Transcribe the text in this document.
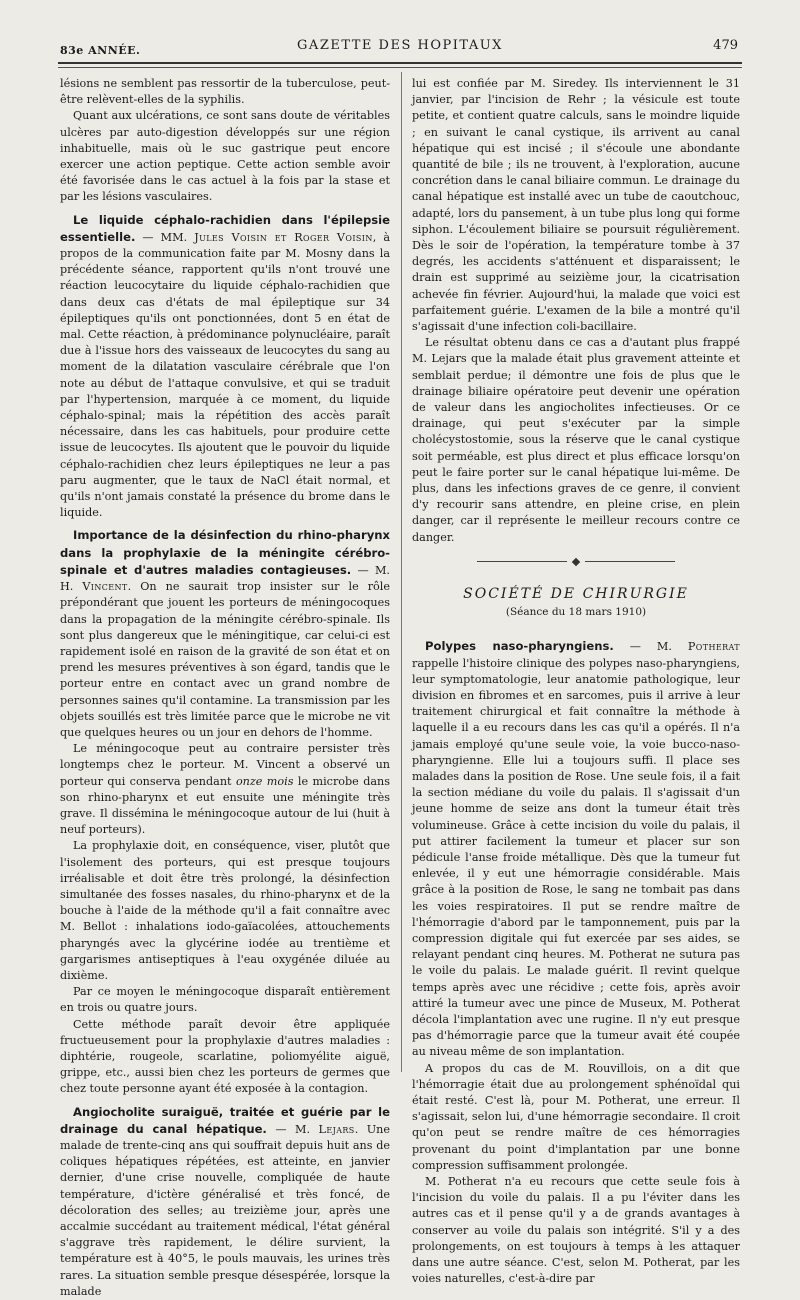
83e ANNÉE.	GAZETTE DES HOPITAUX	479

lésions ne semblent pas ressortir de la tuberculose, peut-être relèvent-elles de la syphilis.

Quant aux ulcérations, ce sont sans doute de véritables ulcères par auto-digestion développés sur une région inhabituelle, mais où le suc gastrique peut encore exercer une action peptique. Cette action semble avoir été favorisée dans le cas actuel à la fois par la stase et par les lésions vasculaires.

Le liquide céphalo-rachidien dans l'épilepsie essentielle. — MM. Jules Voisin et Roger Voisin, à propos de la communication faite par M. Mosny dans la précédente séance, rapportent qu'ils n'ont trouvé une réaction leucocytaire du liquide céphalo-rachidien que dans deux cas d'états de mal épileptique sur 34 épileptiques qu'ils ont ponctionnées, dont 5 en état de mal. Cette réaction, à prédominance polynucléaire, paraît due à l'issue hors des vaisseaux de leucocytes du sang au moment de la dilatation vasculaire cérébrale que l'on note au début de l'attaque convulsive, et qui se traduit par l'hypertension, marquée à ce moment, du liquide céphalo-spinal; mais la répétition des accès paraît nécessaire, dans les cas habituels, pour produire cette issue de leucocytes. Ils ajoutent que le pouvoir du liquide céphalo-rachidien chez leurs épileptiques ne leur a pas paru augmenter, que le taux de NaCl était normal, et qu'ils n'ont jamais constaté la présence du brome dans le liquide.

Importance de la désinfection du rhino-pharynx dans la prophylaxie de la méningite cérébro-spinale et d'autres maladies contagieuses. — M. H. Vincent. On ne saurait trop insister sur le rôle prépondérant que jouent les porteurs de méningocoques dans la propagation de la méningite cérébro-spinale. Ils sont plus dangereux que le méningitique, car celui-ci est rapidement isolé en raison de la gravité de son état et on prend les mesures préventives à son égard, tandis que le porteur entre en contact avec un grand nombre de personnes saines qu'il contamine. La transmission par les objets souillés est très limitée parce que le microbe ne vit que quelques heures ou un jour en dehors de l'homme.

Le méningocoque peut au contraire persister très longtemps chez le porteur. M. Vincent a observé un porteur qui conserva pendant onze mois le microbe dans son rhino-pharynx et eut ensuite une méningite très grave. Il dissémina le méningocoque autour de lui (huit à neuf porteurs).

La prophylaxie doit, en conséquence, viser, plutôt que l'isolement des porteurs, qui est presque toujours irréalisable et doit être très prolongé, la désinfection simultanée des fosses nasales, du rhino-pharynx et de la bouche à l'aide de la méthode qu'il a fait connaître avec M. Bellot : inhalations iodo-gaïacolées, attouchements pharyngés avec la glycérine iodée au trentième et gargarismes antiseptiques à l'eau oxygénée diluée au dixième.

Par ce moyen le méningocoque disparaît entièrement en trois ou quatre jours.

Cette méthode paraît devoir être appliquée fructueusement pour la prophylaxie d'autres maladies : diphtérie, rougeole, scarlatine, poliomyélite aiguë, grippe, etc., aussi bien chez les porteurs de germes que chez toute personne ayant été exposée à la contagion.

Angiocholite suraiguë, traitée et guérie par le drainage du canal hépatique. — M. Lejars. Une malade de trente-cinq ans qui souffrait depuis huit ans de coliques hépatiques répétées, est atteinte, en janvier dernier, d'une crise nouvelle, compliquée de haute température, d'ictère généralisé et très foncé, de décoloration des selles; au treizième jour, après une accalmie succédant au traitement médical, l'état général s'aggrave très rapidement, le délire survient, la température est à 40°5, le pouls mauvais, les urines très rares. La situation semble presque désespérée, lorsque la malade

lui est confiée par M. Siredey. Ils interviennent le 31 janvier, par l'incision de Rehr ; la vésicule est toute petite, et contient quatre calculs, sans le moindre liquide ; en suivant le canal cystique, ils arrivent au canal hépatique qui est incisé ; il s'écoule une abondante quantité de bile ; ils ne trouvent, à l'exploration, aucune concrétion dans le canal biliaire commun. Le drainage du canal hépatique est installé avec un tube de caoutchouc, adapté, lors du pansement, à un tube plus long qui forme siphon. L'écoulement biliaire se poursuit régulièrement. Dès le soir de l'opération, la température tombe à 37 degrés, les accidents s'atténuent et disparaissent; le drain est supprimé au seizième jour, la cicatrisation achevée fin février. Aujourd'hui, la malade que voici est parfaitement guérie. L'examen de la bile a montré qu'il s'agissait d'une infection coli-bacillaire.

Le résultat obtenu dans ce cas a d'autant plus frappé M. Lejars que la malade était plus gravement atteinte et semblait perdue; il démontre une fois de plus que le drainage biliaire opératoire peut devenir une opération de valeur dans les angiocholites infectieuses. Or ce drainage, qui peut s'exécuter par la simple cholécystostomie, sous la réserve que le canal cystique soit perméable, est plus direct et plus efficace lorsqu'on peut le faire porter sur le canal hépatique lui-même. De plus, dans les infections graves de ce genre, il convient d'y recourir sans attendre, en pleine crise, en plein danger, car il représente le meilleur recours contre ce danger.

SOCIÉTÉ DE CHIRURGIE
(Séance du 18 mars 1910)

Polypes naso-pharyngiens. — M. Potherat rappelle l'histoire clinique des polypes naso-pharyngiens, leur symptomatologie, leur anatomie pathologique, leur division en fibromes et en sarcomes, puis il arrive à leur traitement chirurgical et fait connaître la méthode à laquelle il a eu recours dans les cas qu'il a opérés. Il n'a jamais employé qu'une seule voie, la voie bucco-naso-pharyngienne. Elle lui a toujours suffi. Il place ses malades dans la position de Rose. Une seule fois, il a fait la section médiane du voile du palais. Il s'agissait d'un jeune homme de seize ans dont la tumeur était très volumineuse. Grâce à cette incision du voile du palais, il put attirer facilement la tumeur et placer sur son pédicule l'anse froide métallique. Dès que la tumeur fut enlevée, il y eut une hémorragie considérable. Mais grâce à la position de Rose, le sang ne tombait pas dans les voies respiratoires. Il put se rendre maître de l'hémorragie d'abord par le tamponnement, puis par la compression digitale qui fut exercée par ses aides, se relayant pendant cinq heures. M. Potherat ne sutura pas le voile du palais. Le malade guérit. Il revint quelque temps après avec une récidive ; cette fois, après avoir attiré la tumeur avec une pince de Museux, M. Potherat décola l'implantation avec une rugine. Il n'y eut presque pas d'hémorragie parce que la tumeur avait été coupée au niveau même de son implantation.

A propos du cas de M. Rouvillois, on a dit que l'hémorragie était due au prolongement sphénoïdal qui était resté. C'est là, pour M. Potherat, une erreur. Il s'agissait, selon lui, d'une hémorragie secondaire. Il croit qu'on peut se rendre maître de ces hémorragies provenant du point d'implantation par une bonne compression suffisamment prolongée.

M. Potherat n'a eu recours que cette seule fois à l'incision du voile du palais. Il a pu l'éviter dans les autres cas et il pense qu'il y a de grands avantages à conserver au voile du palais son intégrité. S'il y a des prolongements, on est toujours à temps à les attaquer dans une autre séance. C'est, selon M. Potherat, par les voies naturelles, c'est-à-dire par
